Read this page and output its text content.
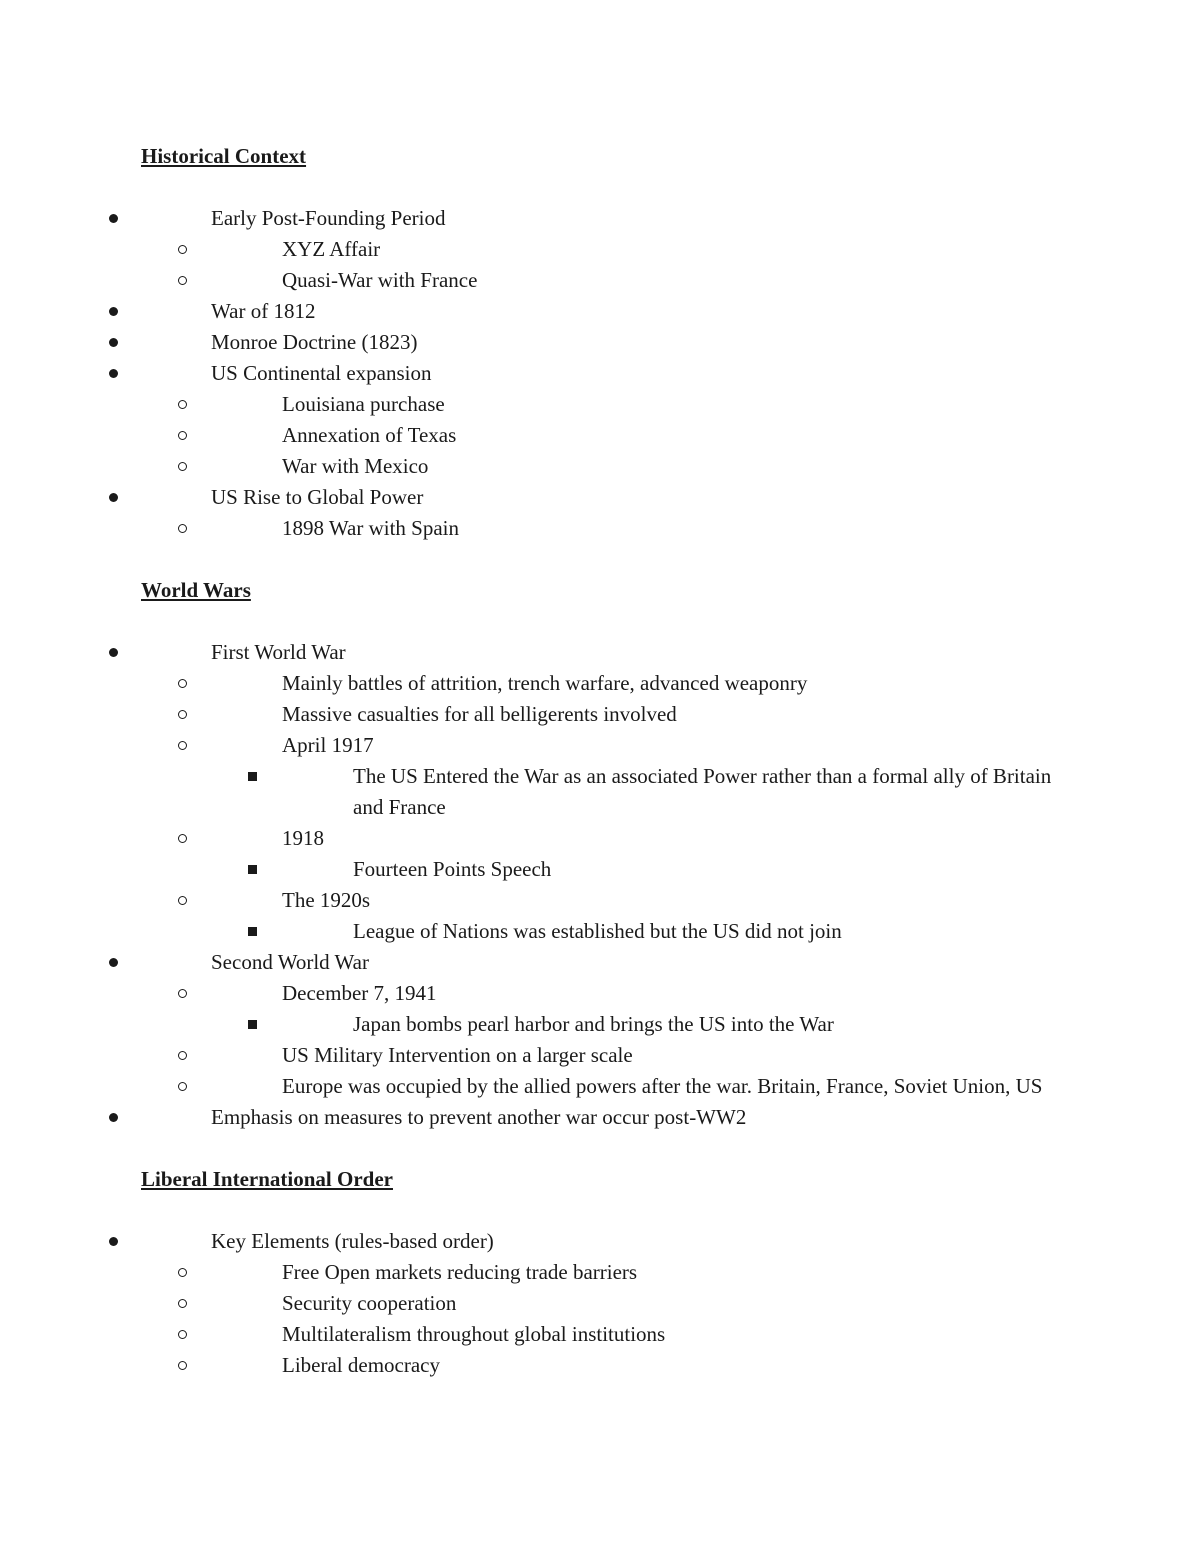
Historical Context
Early Post-Founding Period
XYZ Affair
Quasi-War with France
War of 1812
Monroe Doctrine (1823)
US Continental expansion
Louisiana purchase
Annexation of Texas
War with Mexico
US Rise to Global Power
1898 War with Spain
World Wars
First World War
Mainly battles of attrition, trench warfare, advanced weaponry
Massive casualties for all belligerents involved
April 1917
The US Entered the War as an associated Power rather than a formal ally of Britain and France
1918
Fourteen Points Speech
The 1920s
League of Nations was established but the US did not join
Second World War
December 7, 1941
Japan bombs pearl harbor and brings the US into the War
US Military Intervention on a larger scale
Europe was occupied by the allied powers after the war. Britain, France, Soviet Union, US
Emphasis on measures to prevent another war occur post-WW2
Liberal International Order
Key Elements (rules-based order)
Free Open markets reducing trade barriers
Security cooperation
Multilateralism throughout global institutions
Liberal democracy
